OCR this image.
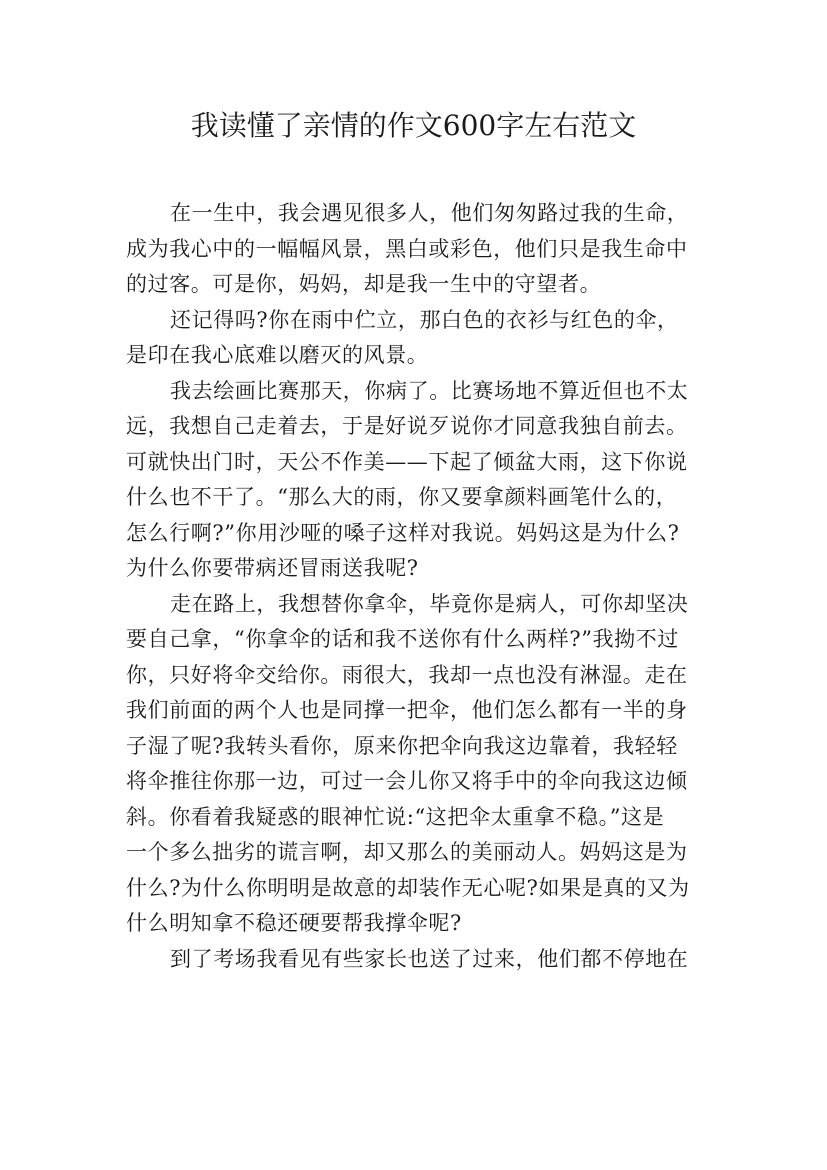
我读懂了亲情的作文600字左右范文
在一生中，我会遇见很多人，他们匆匆路过我的生命，
成为我心中的一幅幅风景，黑白或彩色，他们只是我生命中
的过客。可是你，妈妈，却是我一生中的守望者。
还记得吗?你在雨中伫立，那白色的衣衫与红色的伞，
是印在我心底难以磨灭的风景。
我去绘画比赛那天，你病了。比赛场地不算近但也不太
远，我想自己走着去，于是好说歹说你才同意我独自前去。
可就快出门时，天公不作美——下起了倾盆大雨，这下你说
什么也不干了。“那么大的雨，你又要拿颜料画笔什么的，
怎么行啊?”你用沙哑的嗓子这样对我说。妈妈这是为什么?
为什么你要带病还冒雨送我呢?
走在路上，我想替你拿伞，毕竟你是病人，可你却坚决
要自己拿，“你拿伞的话和我不送你有什么两样?”我拗不过
你，只好将伞交给你。雨很大，我却一点也没有淋湿。走在
我们前面的两个人也是同撑一把伞，他们怎么都有一半的身
子湿了呢?我转头看你，原来你把伞向我这边靠着，我轻轻
将伞推往你那一边，可过一会儿你又将手中的伞向我这边倾
斜。你看着我疑惑的眼神忙说:“这把伞太重拿不稳。”这是
一个多么拙劣的谎言啊，却又那么的美丽动人。妈妈这是为
什么?为什么你明明是故意的却装作无心呢?如果是真的又为
什么明知拿不稳还硬要帮我撑伞呢?
到了考场我看见有些家长也送了过来，他们都不停地在
